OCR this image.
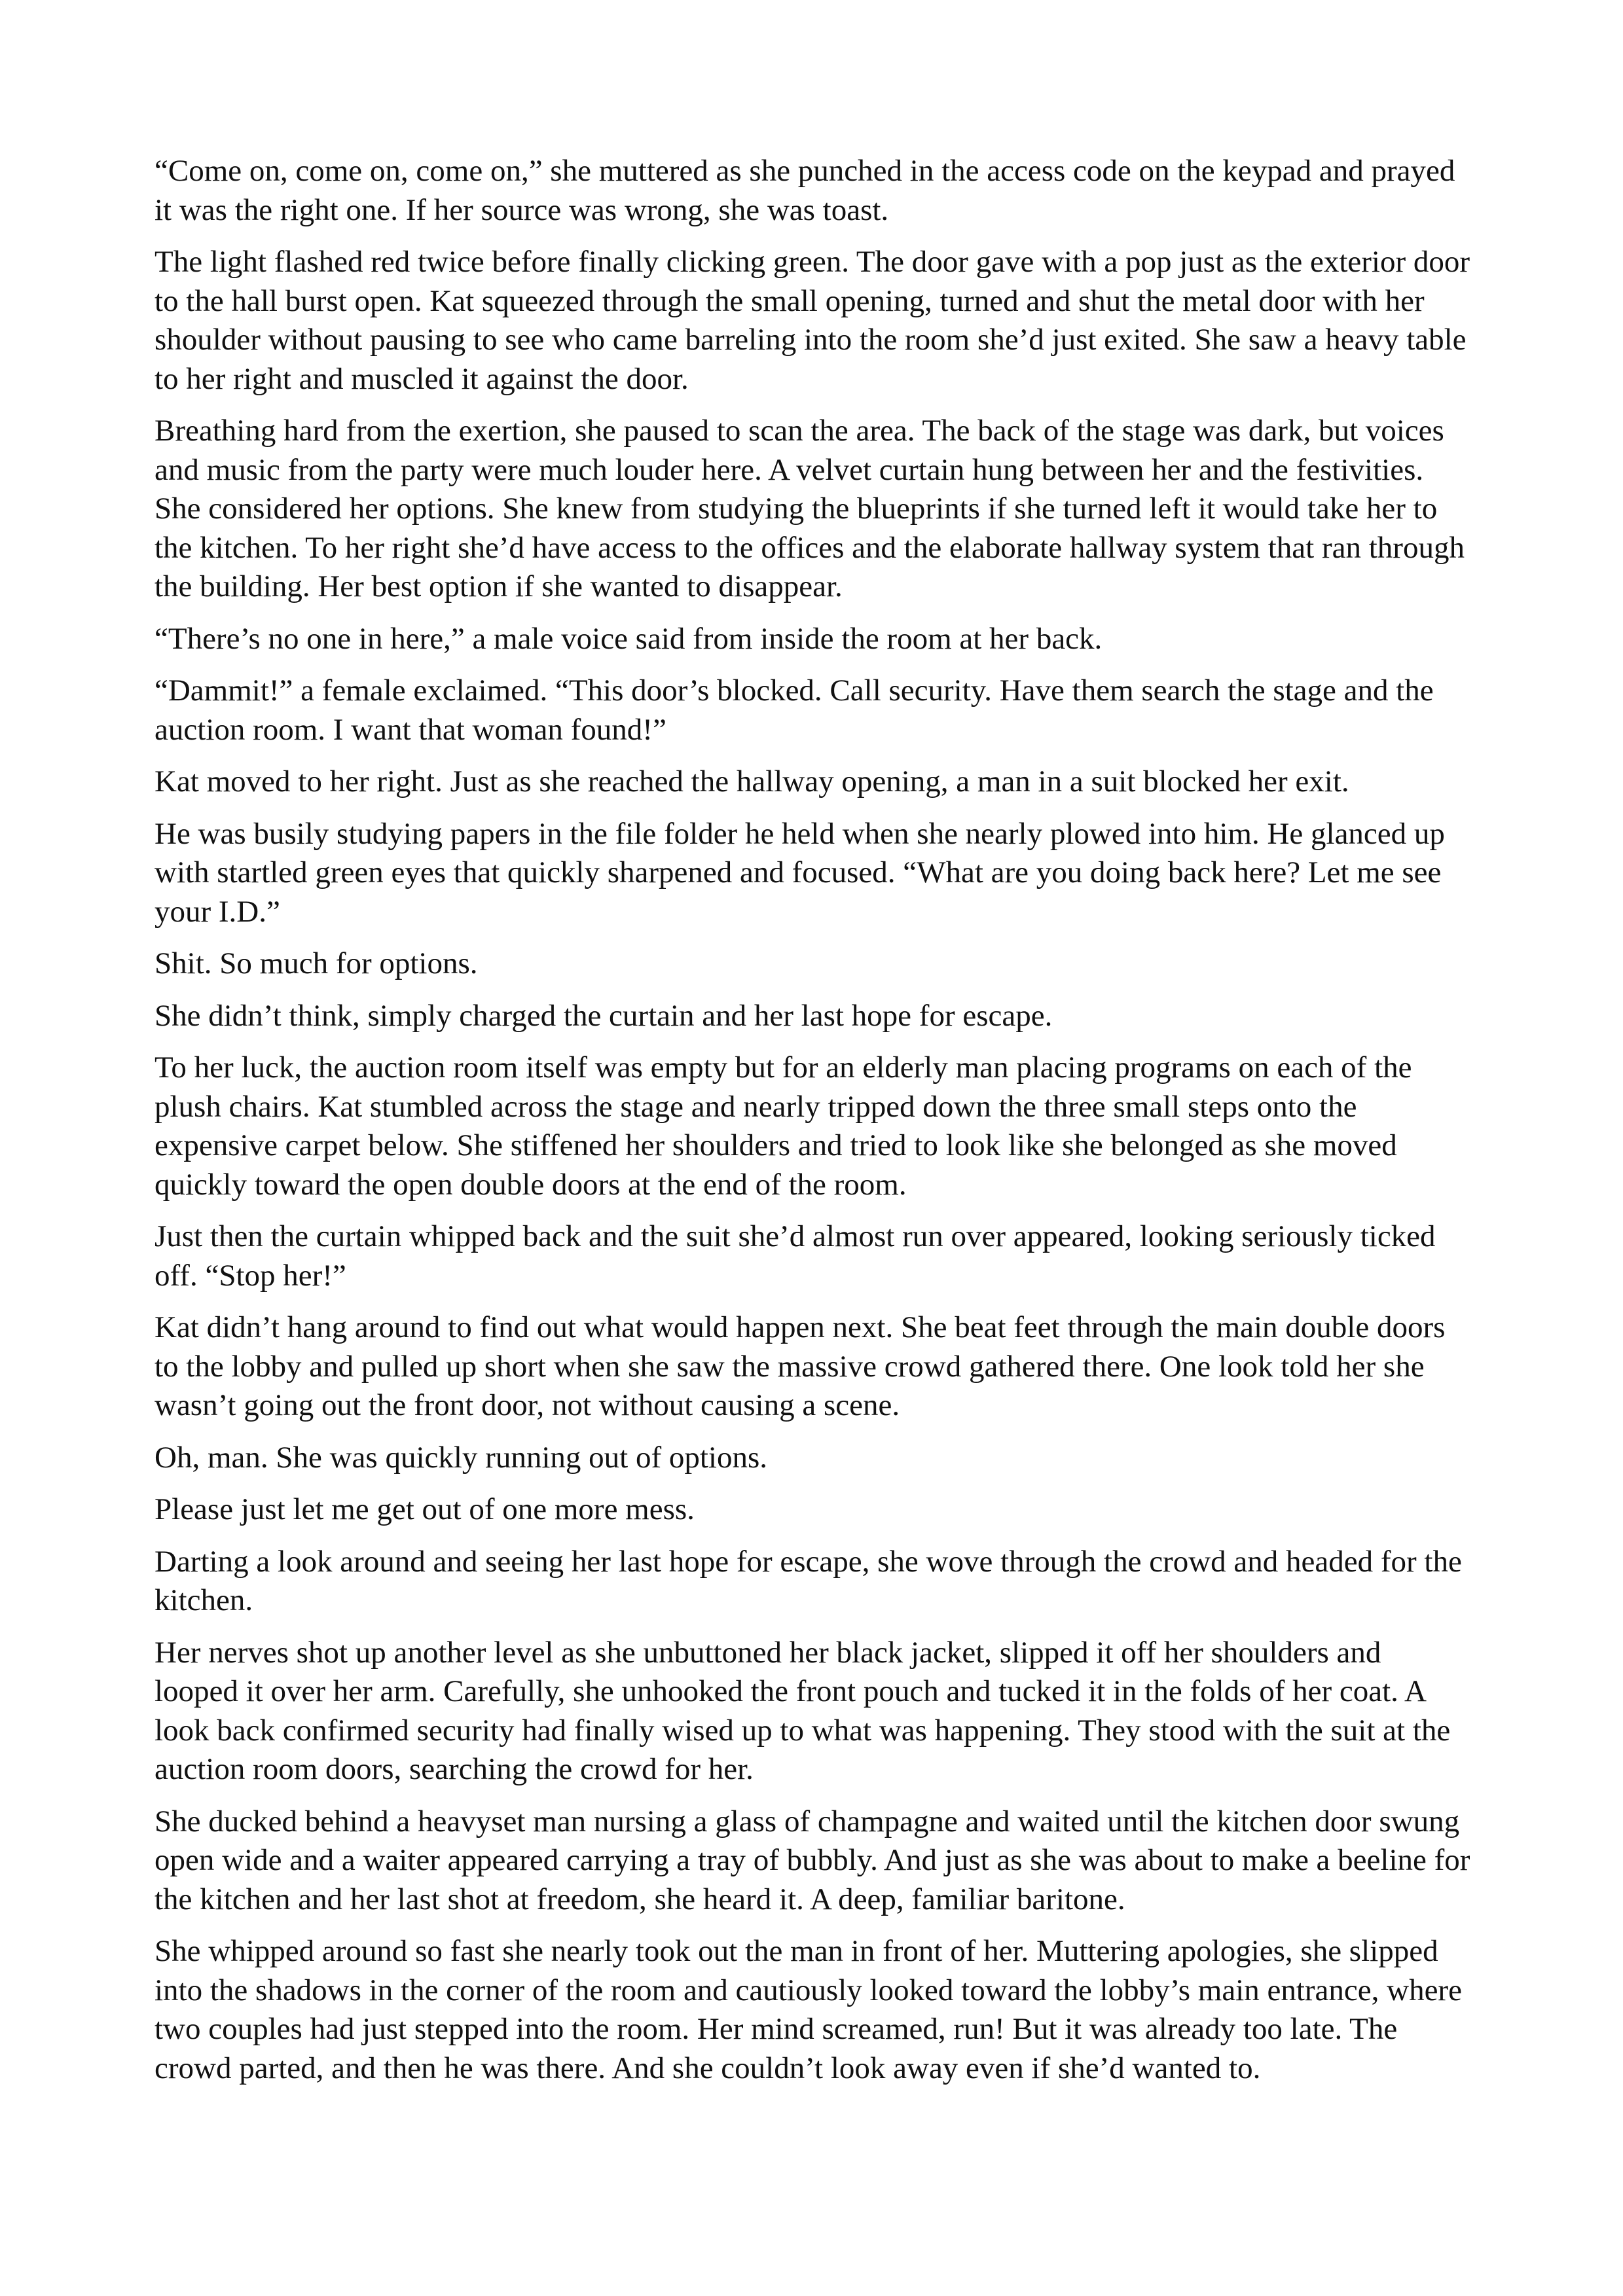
“Come on, come on, come on,” she muttered as she punched in the access code on the keypad and prayed it was the right one. If her source was wrong, she was toast.

The light flashed red twice before finally clicking green. The door gave with a pop just as the exterior door to the hall burst open. Kat squeezed through the small opening, turned and shut the metal door with her shoulder without pausing to see who came barreling into the room she’d just exited. She saw a heavy table to her right and muscled it against the door.

Breathing hard from the exertion, she paused to scan the area. The back of the stage was dark, but voices and music from the party were much louder here. A velvet curtain hung between her and the festivities. She considered her options. She knew from studying the blueprints if she turned left it would take her to the kitchen. To her right she’d have access to the offices and the elaborate hallway system that ran through the building. Her best option if she wanted to disappear.

“There’s no one in here,” a male voice said from inside the room at her back.

“Dammit!” a female exclaimed. “This door’s blocked. Call security. Have them search the stage and the auction room. I want that woman found!”

Kat moved to her right. Just as she reached the hallway opening, a man in a suit blocked her exit.

He was busily studying papers in the file folder he held when she nearly plowed into him. He glanced up with startled green eyes that quickly sharpened and focused. “What are you doing back here? Let me see your I.D.”

Shit. So much for options.

She didn’t think, simply charged the curtain and her last hope for escape.

To her luck, the auction room itself was empty but for an elderly man placing programs on each of the plush chairs. Kat stumbled across the stage and nearly tripped down the three small steps onto the expensive carpet below. She stiffened her shoulders and tried to look like she belonged as she moved quickly toward the open double doors at the end of the room.

Just then the curtain whipped back and the suit she’d almost run over appeared, looking seriously ticked off. “Stop her!”

Kat didn’t hang around to find out what would happen next. She beat feet through the main double doors to the lobby and pulled up short when she saw the massive crowd gathered there. One look told her she wasn’t going out the front door, not without causing a scene.

Oh, man. She was quickly running out of options.

Please just let me get out of one more mess.

Darting a look around and seeing her last hope for escape, she wove through the crowd and headed for the kitchen.

Her nerves shot up another level as she unbuttoned her black jacket, slipped it off her shoulders and looped it over her arm. Carefully, she unhooked the front pouch and tucked it in the folds of her coat. A look back confirmed security had finally wised up to what was happening. They stood with the suit at the auction room doors, searching the crowd for her.

She ducked behind a heavyset man nursing a glass of champagne and waited until the kitchen door swung open wide and a waiter appeared carrying a tray of bubbly. And just as she was about to make a beeline for the kitchen and her last shot at freedom, she heard it. A deep, familiar baritone.

She whipped around so fast she nearly took out the man in front of her. Muttering apologies, she slipped into the shadows in the corner of the room and cautiously looked toward the lobby’s main entrance, where two couples had just stepped into the room. Her mind screamed, run! But it was already too late. The crowd parted, and then he was there. And she couldn’t look away even if she’d wanted to.
